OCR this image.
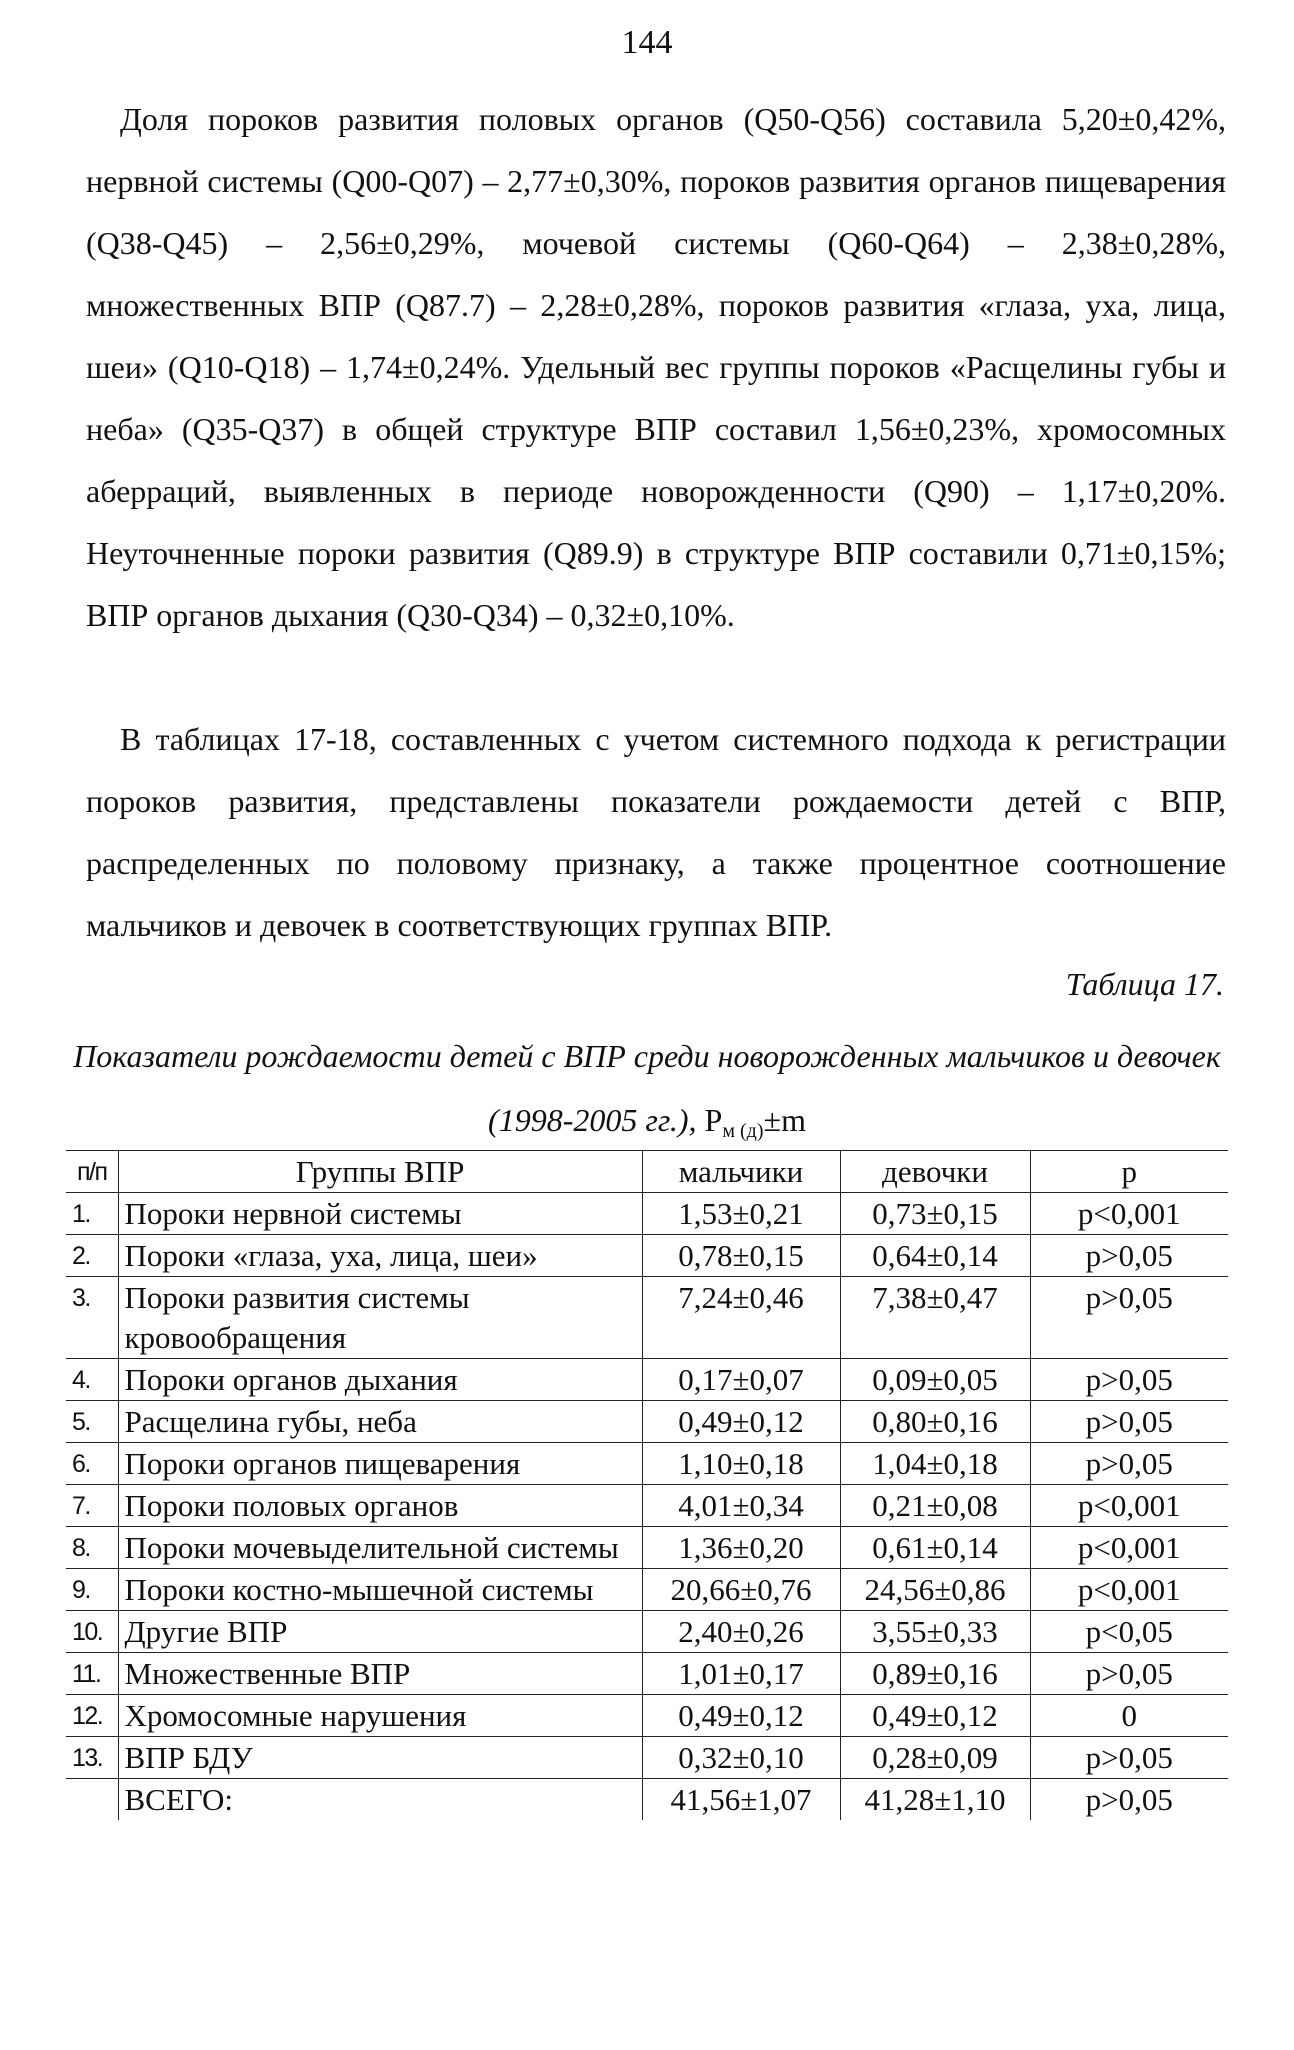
144

Доля пороков развития половых органов (Q50-Q56) составила 5,20±0,42%, нервной системы (Q00-Q07) – 2,77±0,30%, пороков развития органов пищеварения (Q38-Q45) – 2,56±0,29%, мочевой системы (Q60-Q64) – 2,38±0,28%, множественных ВПР (Q87.7) – 2,28±0,28%, пороков развития «глаза, уха, лица, шеи» (Q10-Q18) – 1,74±0,24%. Удельный вес группы пороков «Расщелины губы и неба» (Q35-Q37) в общей структуре ВПР составил 1,56±0,23%, хромосомных аберраций, выявленных в периоде новорожденности (Q90) – 1,17±0,20%. Неуточненные пороки развития (Q89.9) в структуре ВПР составили 0,71±0,15%; ВПР органов дыхания (Q30-Q34) – 0,32±0,10%.

В таблицах 17-18, составленных с учетом системного подхода к регистрации пороков развития, представлены показатели рождаемости детей с ВПР, распределенных по половому признаку, а также процентное соотношение мальчиков и девочек в соответствующих группах ВПР.

Таблица 17.
Показатели рождаемости детей с ВПР среди новорожденных мальчиков и девочек (1998-2005 гг.), $Р_{м (д)}\pm m$
п/п	Группы ВПР	мальчики	девочки	р
1.	Пороки нервной системы	1,53±0,21	0,73±0,15	р<0,001
2.	Пороки «глаза, уха, лица, шеи»	0,78±0,15	0,64±0,14	р>0,05
3.	Пороки развития системы кровообращения	7,24±0,46	7,38±0,47	р>0,05
4.	Пороки органов дыхания	0,17±0,07	0,09±0,05	р>0,05
5.	Расщелина губы, неба	0,49±0,12	0,80±0,16	р>0,05
6.	Пороки органов пищеварения	1,10±0,18	1,04±0,18	р>0,05
7.	Пороки половых органов	4,01±0,34	0,21±0,08	р<0,001
8.	Пороки мочевыделительной системы	1,36±0,20	0,61±0,14	р<0,001
9.	Пороки костно-мышечной системы	20,66±0,76	24,56±0,86	р<0,001
10.	Другие ВПР	2,40±0,26	3,55±0,33	р<0,05
11.	Множественные ВПР	1,01±0,17	0,89±0,16	р>0,05
12.	Хромосомные нарушения	0,49±0,12	0,49±0,12	0
13.	ВПР БДУ	0,32±0,10	0,28±0,09	р>0,05
	ВСЕГО:	41,56±1,07	41,28±1,10	р>0,05
